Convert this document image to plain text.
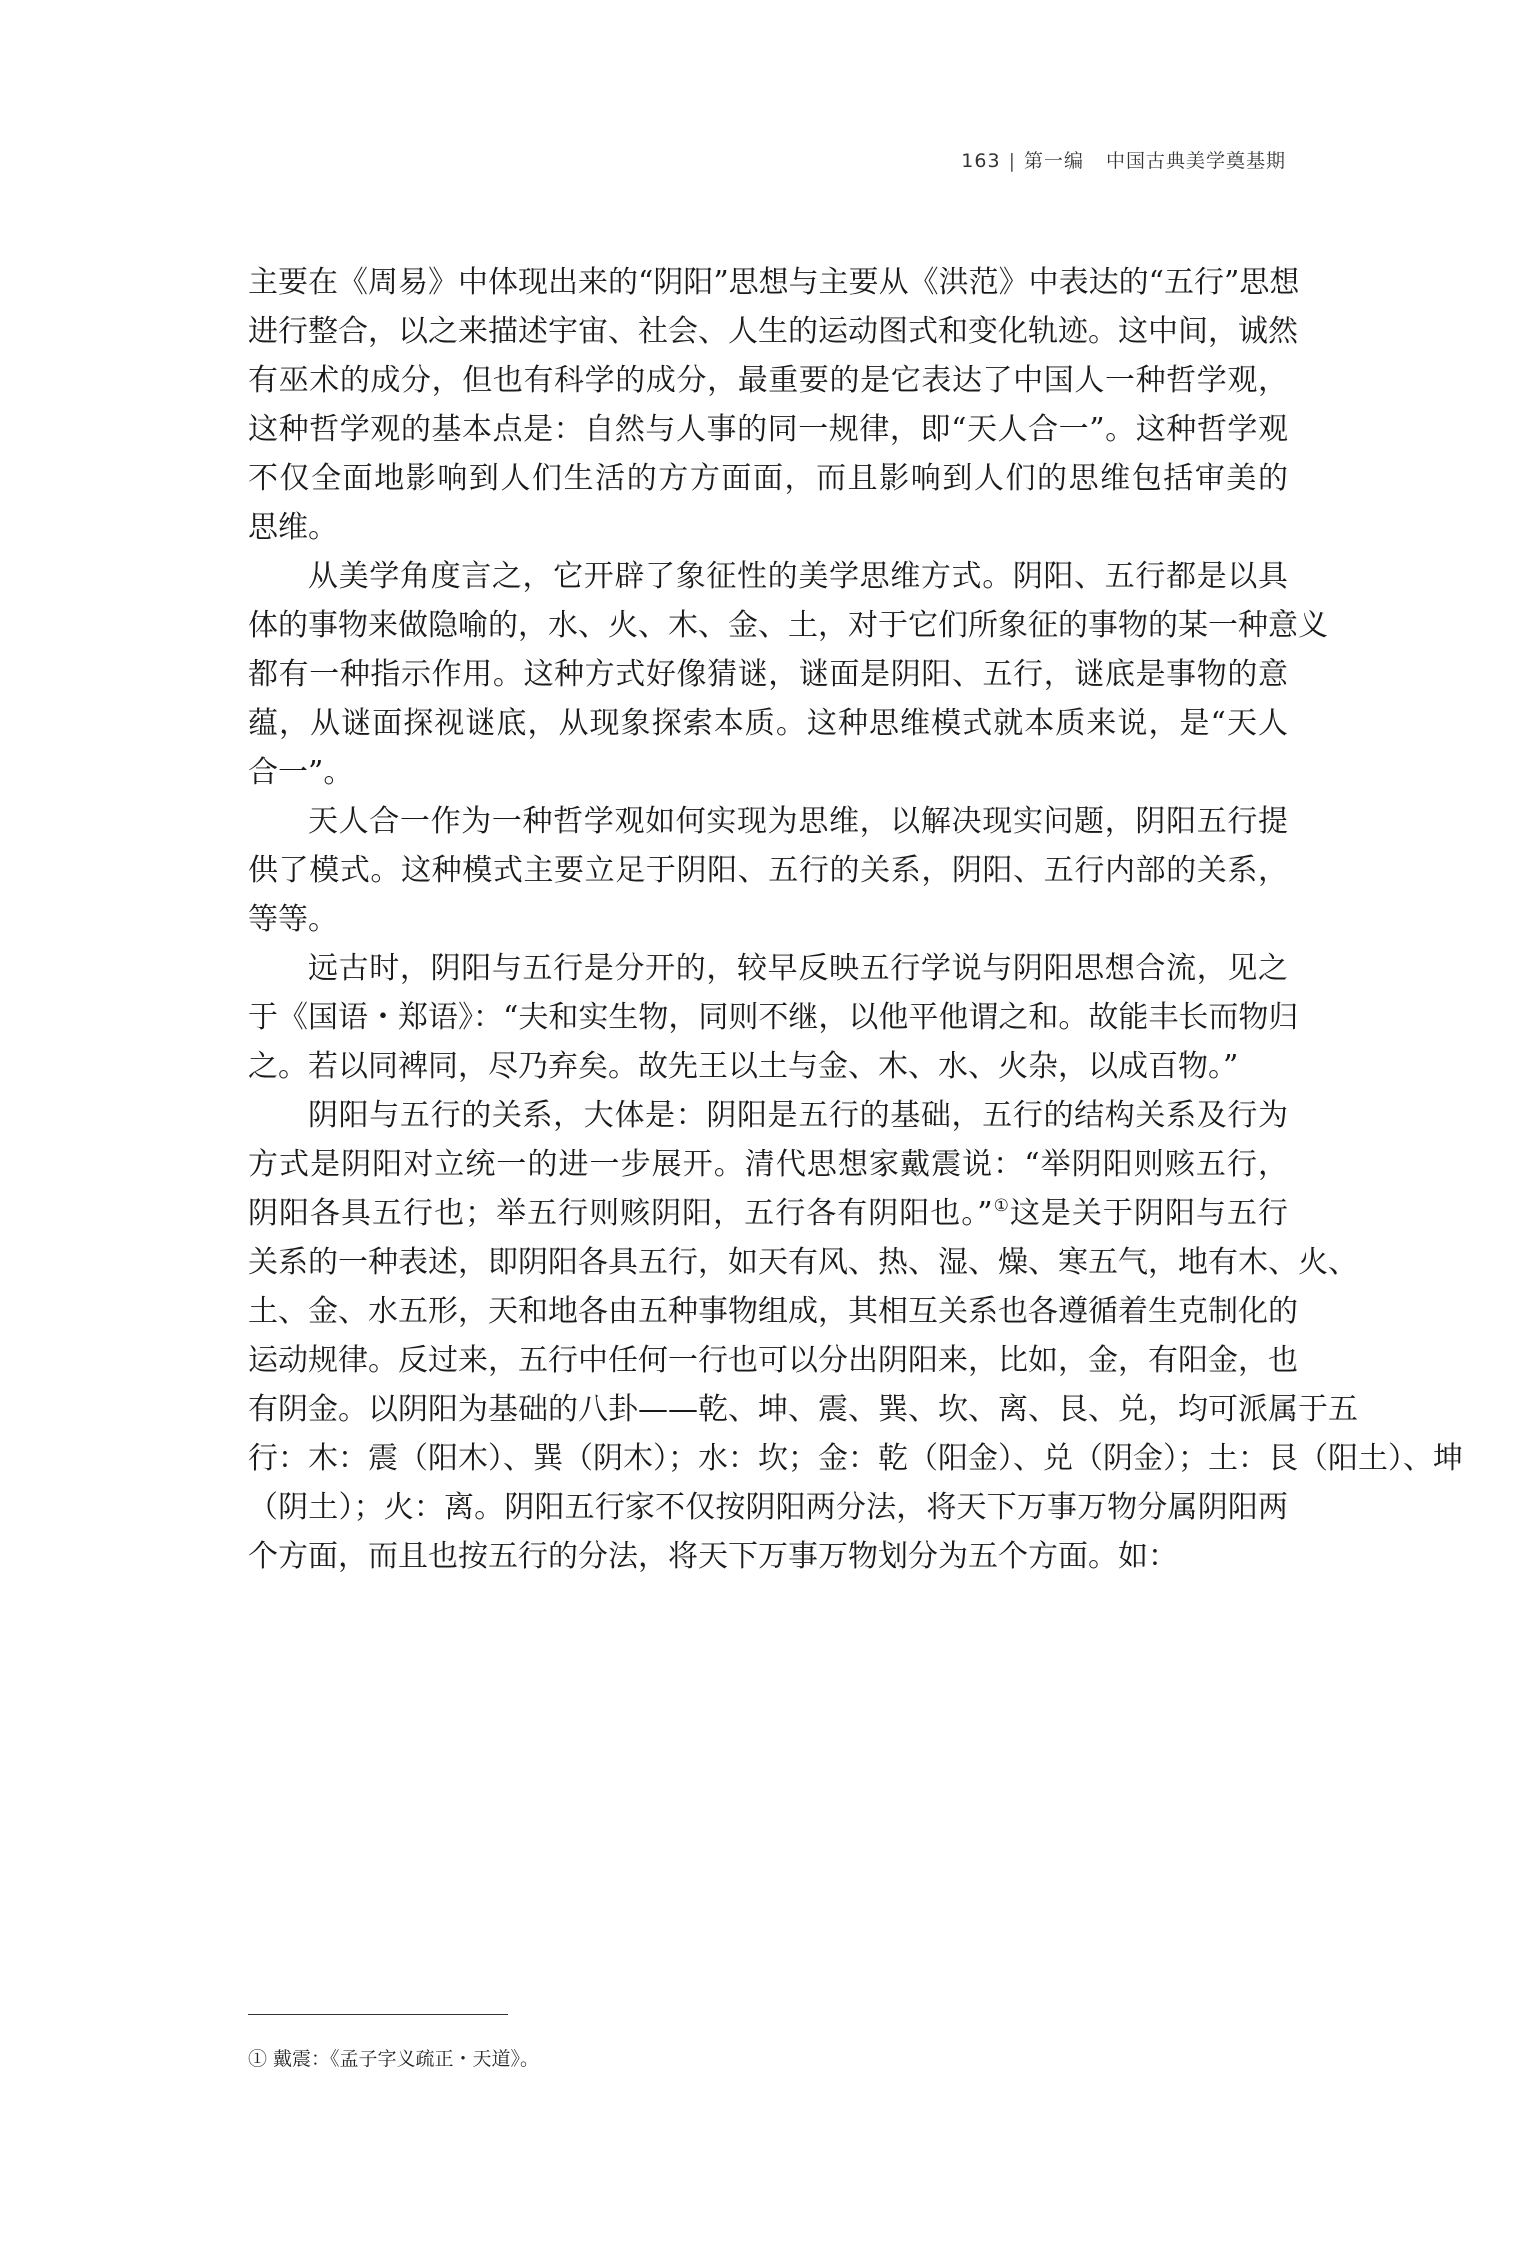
163 | 第一编 中国古典美学奠基期
主要在《周易》中体现出来的“阴阳”思想与主要从《洪范》中表达的“五行”思想
进行整合，以之来描述宇宙、社会、人生的运动图式和变化轨迹。这中间，诚然
有巫术的成分，但也有科学的成分，最重要的是它表达了中国人一种哲学观，
这种哲学观的基本点是：自然与人事的同一规律，即“天人合一”。这种哲学观
不仅全面地影响到人们生活的方方面面，而且影响到人们的思维包括审美的
思维。
从美学角度言之，它开辟了象征性的美学思维方式。阴阳、五行都是以具
体的事物来做隐喻的，水、火、木、金、土，对于它们所象征的事物的某一种意义
都有一种指示作用。这种方式好像猜谜，谜面是阴阳、五行，谜底是事物的意
蕴，从谜面探视谜底，从现象探索本质。这种思维模式就本质来说，是“天人
合一”。
天人合一作为一种哲学观如何实现为思维，以解决现实问题，阴阳五行提
供了模式。这种模式主要立足于阴阳、五行的关系，阴阳、五行内部的关系，
等等。
远古时，阴阳与五行是分开的，较早反映五行学说与阴阳思想合流，见之
于《国语・郑语》：“夫和实生物，同则不继，以他平他谓之和。故能丰长而物归
之。若以同裨同，尽乃弃矣。故先王以土与金、木、水、火杂，以成百物。”
阴阳与五行的关系，大体是：阴阳是五行的基础，五行的结构关系及行为
方式是阴阳对立统一的进一步展开。清代思想家戴震说：“举阴阳则赅五行，
阴阳各具五行也；举五行则赅阴阳，五行各有阴阳也。”①这是关于阴阳与五行
关系的一种表述，即阴阳各具五行，如天有风、热、湿、燥、寒五气，地有木、火、
土、金、水五形，天和地各由五种事物组成，其相互关系也各遵循着生克制化的
运动规律。反过来，五行中任何一行也可以分出阴阳来，比如，金，有阳金，也
有阴金。以阴阳为基础的八卦——乾、坤、震、巽、坎、离、艮、兑，均可派属于五
行：木：震（阳木）、巽（阴木）；水：坎；金：乾（阳金）、兑（阴金）；土：艮（阳土）、坤
（阴土）；火：离。阴阳五行家不仅按阴阳两分法，将天下万事万物分属阴阳两
个方面，而且也按五行的分法，将天下万事万物划分为五个方面。如：
① 戴震：《孟子字义疏正・天道》。
